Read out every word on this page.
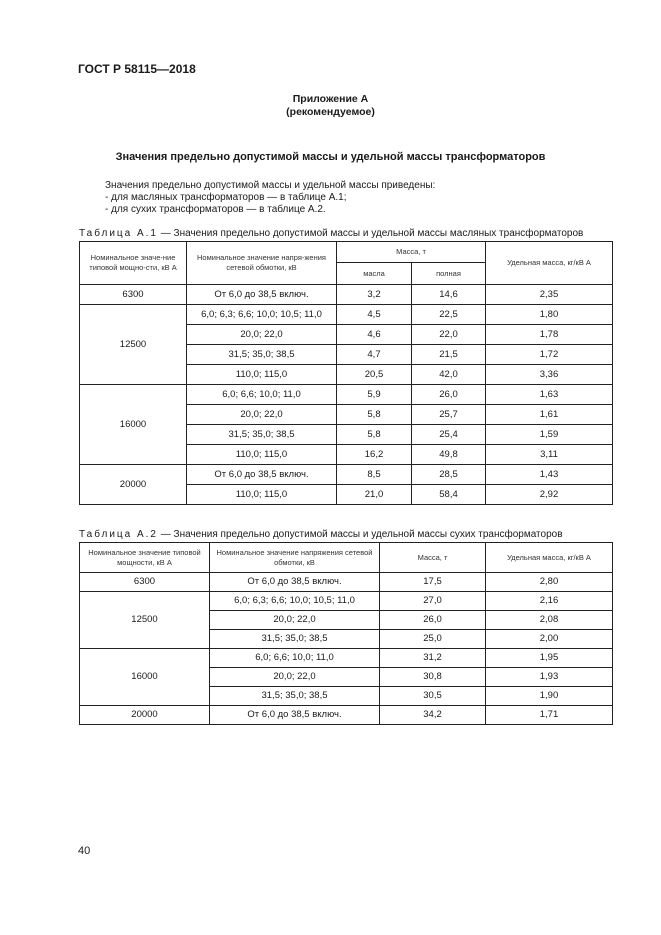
ГОСТ Р 58115—2018
Приложение А
(рекомендуемое)
Значения предельно допустимой массы и удельной массы трансформаторов
Значения предельно допустимой массы и удельной массы приведены:
- для масляных трансформаторов — в таблице А.1;
- для сухих трансформаторов — в таблице А.2.
Таблица А.1 — Значения предельно допустимой массы и удельной массы масляных трансформаторов
Номинальное значе-ние типовой мощно-сти, кВ А	Номинальное значение напря-жения сетевой обмотки, кВ	Масса, т		Удельная масса, кг/кВ А
		масла	полная	
6300	От 6,0 до 38,5 включ.	3,2	14,6	2,35
12500	6,0; 6,3; 6,6; 10,0; 10,5; 11,0	4,5	22,5	1,80
	20,0; 22,0	4,6	22,0	1,78
	31,5; 35,0; 38,5	4,7	21,5	1,72
	110,0; 115,0	20,5	42,0	3,36
16000	6,0; 6,6; 10,0; 11,0	5,9	26,0	1,63
	20,0; 22,0	5,8	25,7	1,61
	31,5; 35,0; 38,5	5,8	25,4	1,59
	110,0; 115,0	16,2	49,8	3,11
20000	От 6,0 до 38,5 включ.	8,5	28,5	1,43
	110,0; 115,0	21,0	58,4	2,92
Таблица А.2 — Значения предельно допустимой массы и удельной массы сухих трансформаторов
Номинальное значение типовой мощности, кВ А	Номинальное значение напряжения сетевой обмотки, кВ	Масса, т	Удельная масса, кг/кВ А
6300	От 6,0 до 38,5 включ.	17,5	2,80
12500	6,0; 6,3; 6,6; 10,0; 10,5; 11,0	27,0	2,16
	20,0; 22,0	26,0	2,08
	31,5; 35,0; 38,5	25,0	2,00
16000	6,0; 6,6; 10,0; 11,0	31,2	1,95
	20,0; 22,0	30,8	1,93
	31,5; 35,0; 38,5	30,5	1,90
20000	От 6,0 до 38,5 включ.	34,2	1,71
40
